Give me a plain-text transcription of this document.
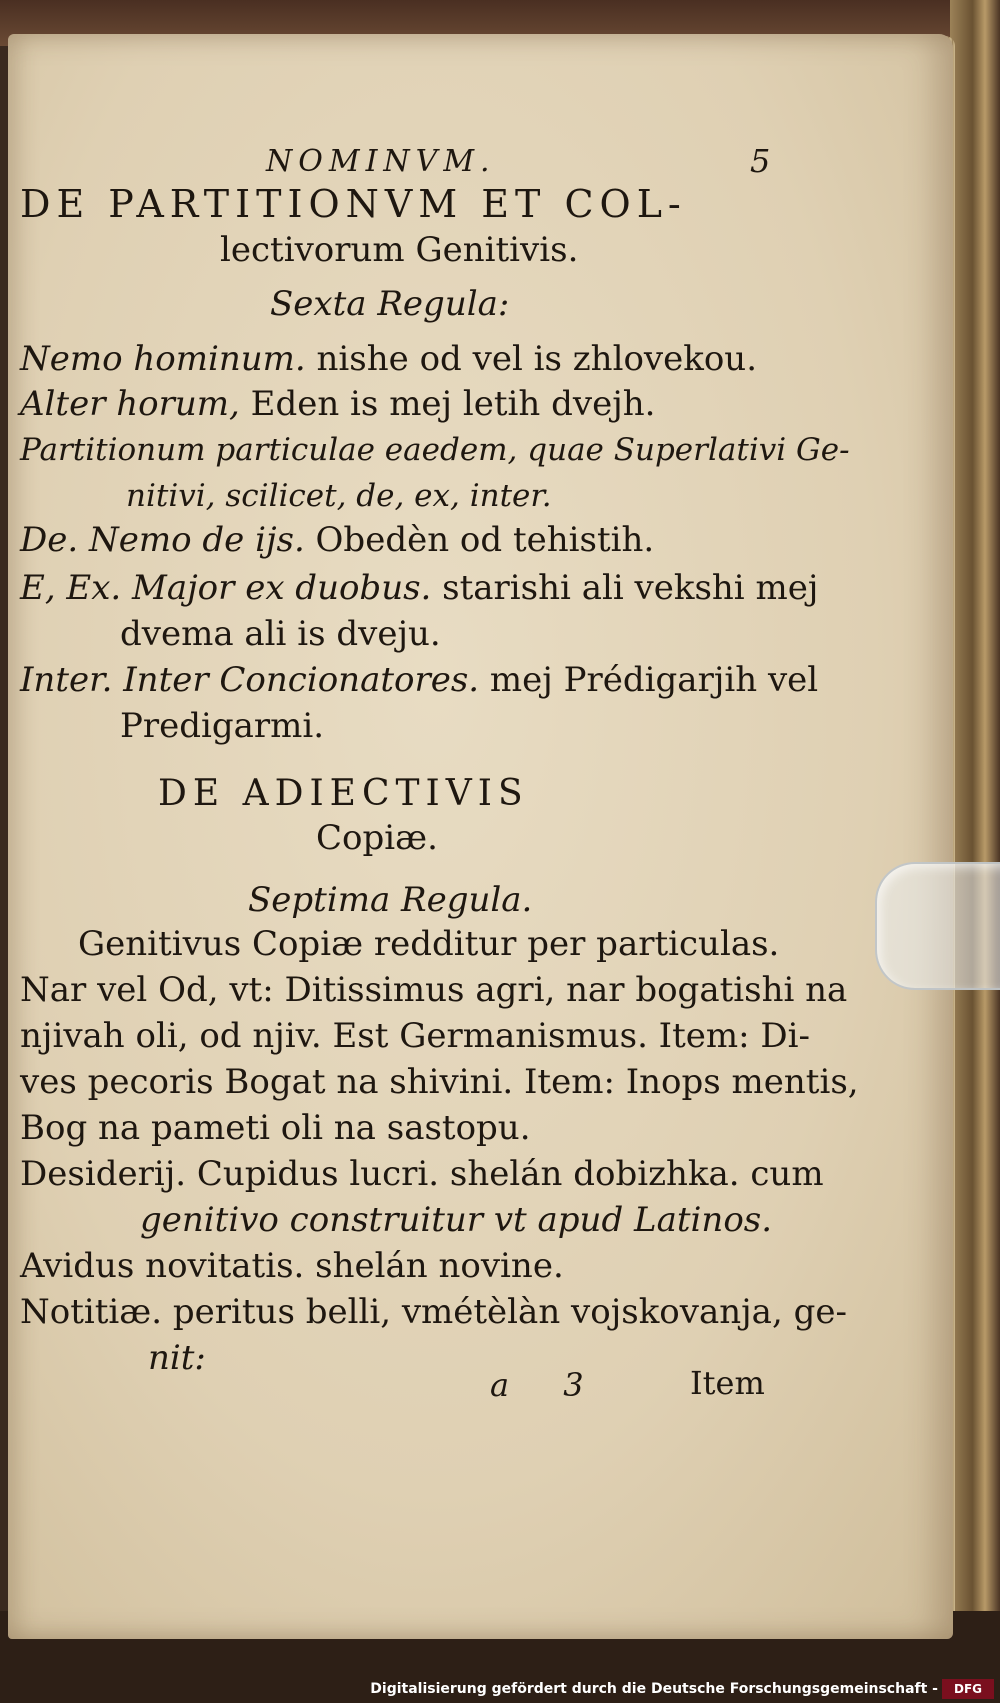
NOMINVM.	5
DE PARTITIONVM ET COL-
lectivorum Genitivis.
Sexta Regula:
Nemo hominum. nishe od vel is zhlovekou.
Alter horum, Eden is mej letih dvejh.
Partitionum particulae eaedem, quae Superlativi Ge-
nitivi, scilicet, de, ex, inter.
De. Nemo de ijs. Obedèn od tehistih.
E, Ex. Major ex duobus. starishi ali vekshi mej
dvema ali is dveju.
Inter. Inter Concionatores. mej Prédigarjih vel
Predigarmi.
DE ADIECTIVIS
Copiæ.
Septima Regula.
Genitivus Copiæ redditur per particulas.
Nar vel Od, vt: Ditissimus agri, nar bogatishi na
njivah oli, od njiv. Est Germanismus. Item: Di-
ves pecoris Bogat na shivini. Item: Inops mentis,
Bog na pameti oli na sastopu.
Desiderij. Cupidus lucri. shelán dobizhka. cum
genitivo construitur vt apud Latinos.
Avidus novitatis. shelán novine.
Notitiæ. peritus belli, vmétèlàn vojskovanja, ge-
nit:
a 3	Item
Digitalisierung gefördert durch die Deutsche Forschungsgemeinschaft -	DFG
